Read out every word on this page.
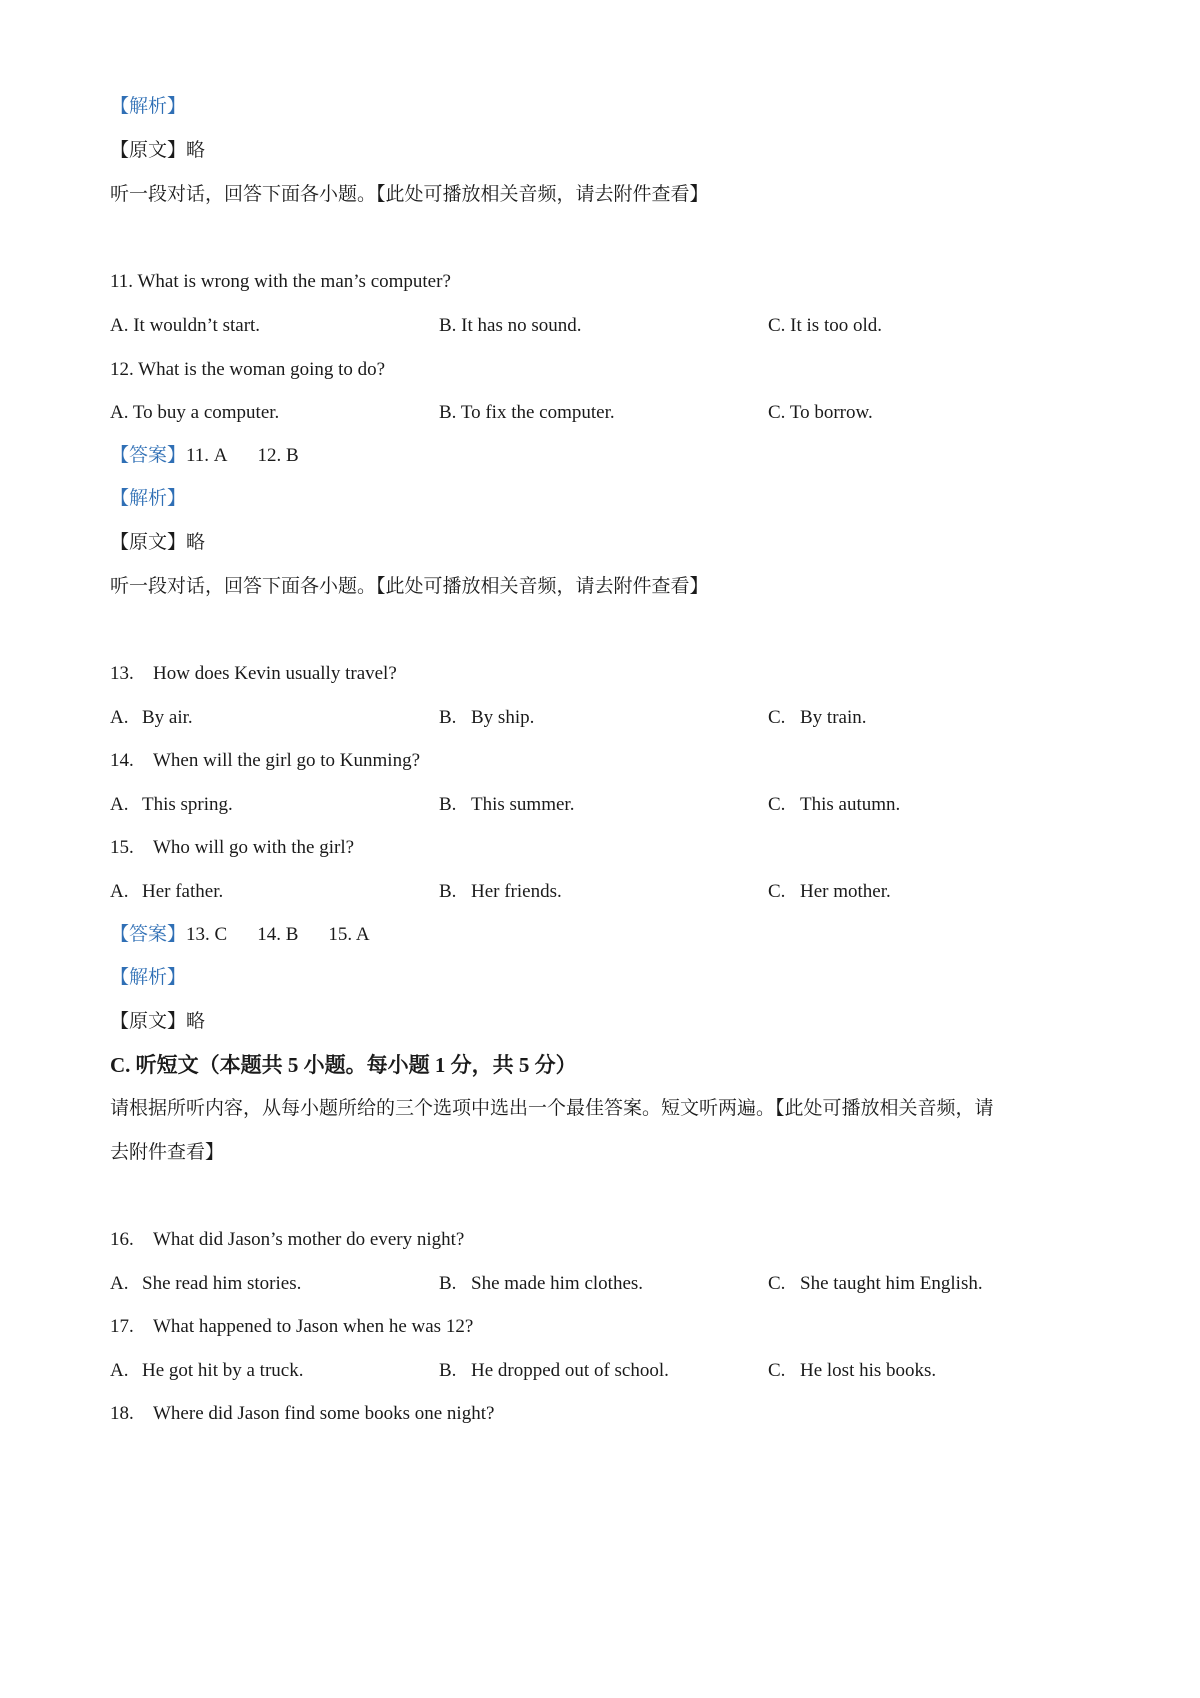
【解析】
【原文】略
听一段对话，回答下面各小题。【此处可播放相关音频，请去附件查看】
11. What is wrong with the man’s computer?
A. It wouldn’t start.	B. It has no sound.	C. It is too old.
12. What is the woman going to do?
A. To buy a computer.	B. To fix the computer.	C. To borrow.
【答案】11. A 12. B
【解析】
【原文】略
听一段对话，回答下面各小题。【此处可播放相关音频，请去附件查看】
13. How does Kevin usually travel?
A. By air.	B. By ship.	C. By train.
14. When will the girl go to Kunming?
A. This spring.	B. This summer.	C. This autumn.
15. Who will go with the girl?
A. Her father.	B. Her friends.	C. Her mother.
【答案】13. C 14. B 15. A
【解析】
【原文】略
C. 听短文（本题共 5 小题。每小题 1 分，共 5 分）
请根据所听内容，从每小题所给的三个选项中选出一个最佳答案。短文听两遍。【此处可播放相关音频，请
去附件查看】
16. What did Jason’s mother do every night?
A. She read him stories.	B. She made him clothes.	C. She taught him English.
17. What happened to Jason when he was 12?
A. He got hit by a truck.	B. He dropped out of school.	C. He lost his books.
18. Where did Jason find some books one night?
